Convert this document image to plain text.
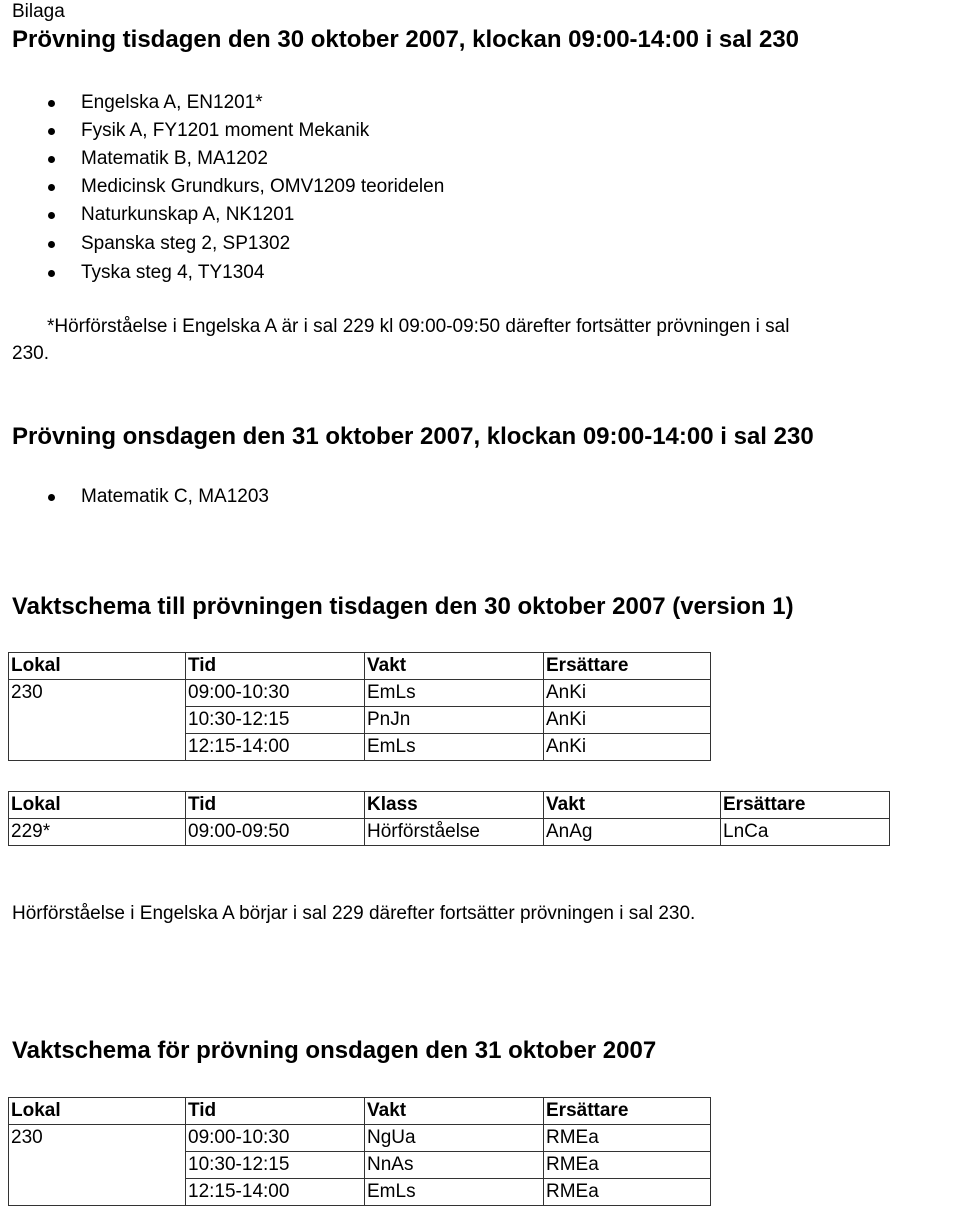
Bilaga
Prövning tisdagen den 30 oktober 2007, klockan 09:00-14:00 i sal 230
Engelska A, EN1201*
Fysik A, FY1201 moment Mekanik
Matematik B, MA1202
Medicinsk Grundkurs, OMV1209 teoridelen
Naturkunskap A, NK1201
Spanska steg 2, SP1302
Tyska steg 4, TY1304
*Hörförståelse i Engelska A är i sal 229 kl 09:00-09:50 därefter fortsätter prövningen i sal
230.
Prövning onsdagen den 31 oktober 2007, klockan 09:00-14:00 i sal 230
Matematik C, MA1203
Vaktschema till prövningen tisdagen den 30 oktober 2007 (version 1)
Lokal	Tid	Vakt	Ersättare
230	09:00-10:30	EmLs	AnKi
	10:30-12:15	PnJn	AnKi
	12:15-14:00	EmLs	AnKi
Lokal	Tid	Klass	Vakt	Ersättare
229*	09:00-09:50	Hörförståelse	AnAg	LnCa
Hörförståelse i Engelska A börjar i sal 229 därefter fortsätter prövningen i sal 230.
Vaktschema för prövning onsdagen den 31 oktober 2007
Lokal	Tid	Vakt	Ersättare
230	09:00-10:30	NgUa	RMEa
	10:30-12:15	NnAs	RMEa
	12:15-14:00	EmLs	RMEa
